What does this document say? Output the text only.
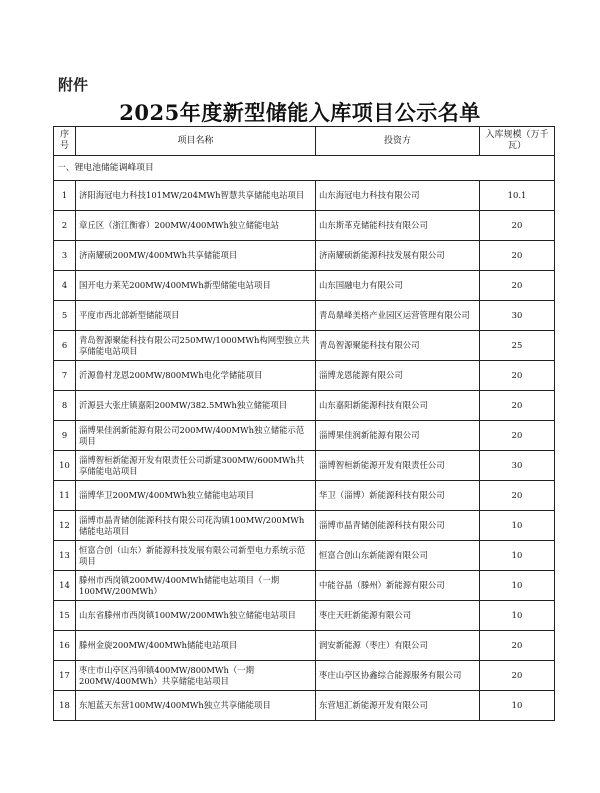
附件
2025年度新型储能入库项目公示名单
序号	项目名称	投资方	入库规模（万千瓦）
一、锂电池储能调峰项目			
1	济阳海冠电力科技101MW/204MWh智慧共享储能电站项目	山东海冠电力科技有限公司	10.1
2	章丘区（浙江衡睿）200MW/400MWh独立储能电站	山东斯革克储能科技有限公司	20
3	济南耀硕200MW/400MWh共享储能项目	济南耀硕新能源科技发展有限公司	20
4	国开电力莱芜200MW/400MWh新型储能电站项目	山东国融电力有限公司	20
5	平度市西北部新型储能项目	青岛鼎峰美格产业园区运营管理有限公司	30
6	青岛智源聚能科技有限公司250MW/1000MWh构网型独立共享储能电站项目	青岛智源聚能科技有限公司	25
7	沂源鲁村龙恩200MW/800MWh电化学储能项目	淄博龙恩能源有限公司	20
8	沂源县大张庄镇嘉阳200MW/382.5MWh独立储能项目	山东嘉阳新能源科技有限公司	20
9	淄博果佳润新能源有限公司200MW/400MWh独立储能示范项目	淄博果佳润新能源有限公司	20
10	淄博智桓新能源开发有限责任公司新建300MW/600MWh共享储能电站项目	淄博智桓新能源开发有限责任公司	30
11	淄博华卫200MW/400MWh独立储能电站项目	华卫（淄博）新能源科技有限公司	20
12	淄博市晶青储创能源科技有限公司花沟镇100MW/200MWh储能电站项目	淄博市晶青储创能源科技有限公司	10
13	恒富合创（山东）新能源科技发展有限公司新型电力系统示范项目	恒富合创山东新能源有限公司	10
14	滕州市西岗镇200MW/400MWh储能电站项目（一期100MW/200MWh）	中能谷晶（滕州）新能源有限公司	10
15	山东省滕州市西岗镇100MW/200MWh独立储能电站项目	枣庄天旺新能源有限公司	10
16	滕州金旋200MW/400MWh储能电站项目	润安新能源（枣庄）有限公司	20
17	枣庄市山亭区冯卯镇400MW/800MWh（一期200MW/400MWh）共享储能电站项目	枣庄山亭区协鑫综合能源服务有限公司	20
18	东旭蓝天东营100MW/400MWh独立共享储能项目	东营旭汇新能源开发有限公司	10
